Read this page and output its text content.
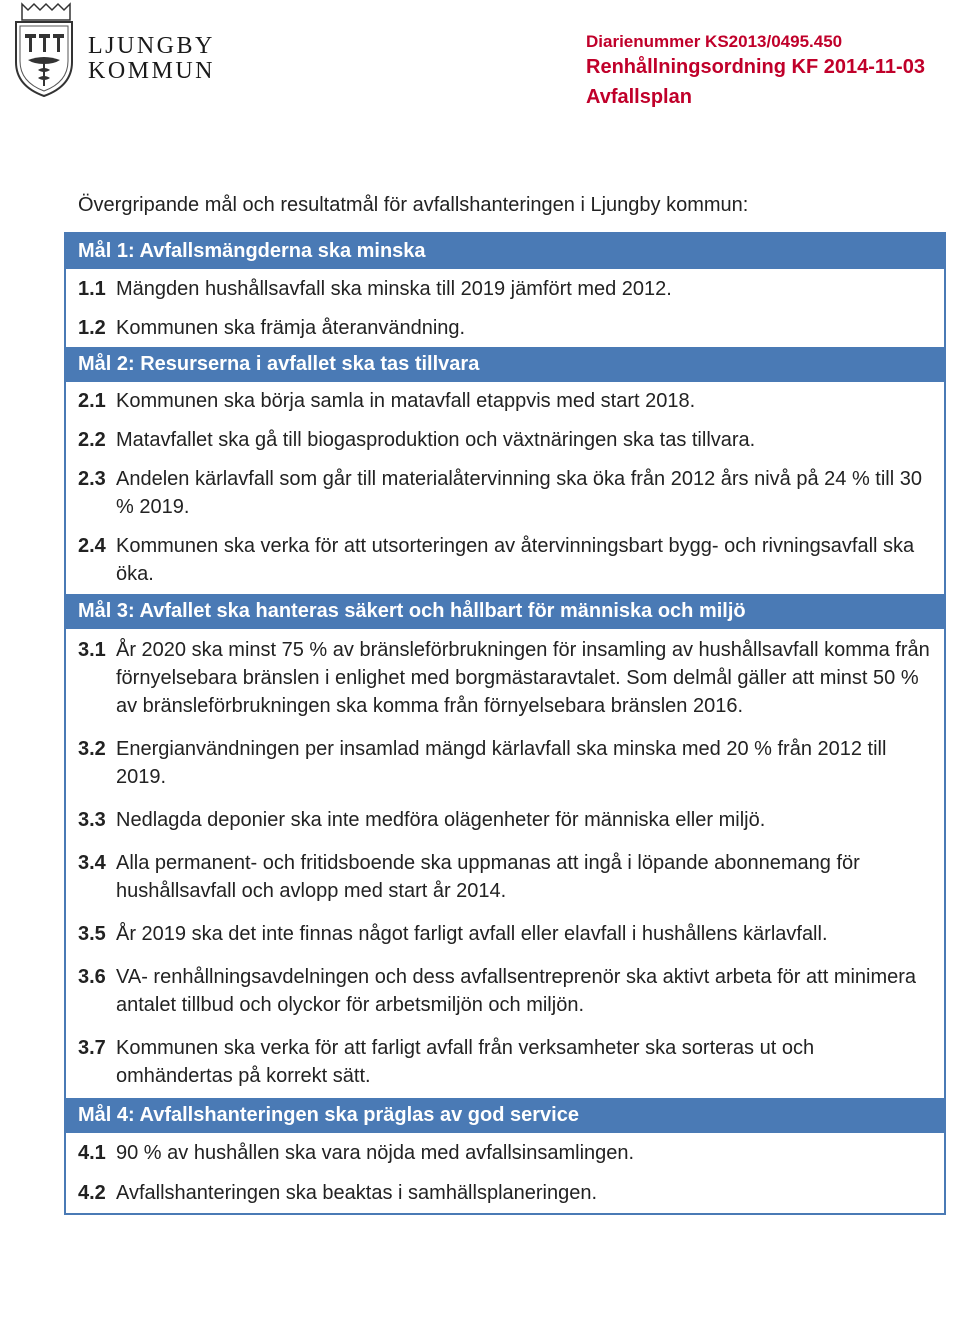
LJUNGBY
KOMMUN
Diarienummer KS2013/0495.450
Renhållningsordning KF 2014-11-03
Avfallsplan
Övergripande mål och resultatmål för avfallshanteringen i Ljungby kommun:
Mål 1: Avfallsmängderna ska minska
1.1 Mängden hushållsavfall ska minska till 2019 jämfört med 2012.
1.2 Kommunen ska främja återanvändning.
Mål 2: Resurserna i avfallet ska tas tillvara
2.1 Kommunen ska börja samla in matavfall etappvis med start 2018.
2.2 Matavfallet ska gå till biogasproduktion och växtnäringen ska tas tillvara.
2.3 Andelen kärlavfall som går till materialåtervinning ska öka från 2012 års nivå på 24 % till 30 % 2019.
2.4 Kommunen ska verka för att utsorteringen av återvinningsbart bygg- och rivningsavfall ska öka.
Mål 3: Avfallet ska hanteras säkert och hållbart för människa och miljö
3.1 År 2020 ska minst 75 % av bränsleförbrukningen för insamling av hushållsavfall komma från förnyelsebara bränslen i enlighet med borgmästaravtalet. Som delmål gäller att minst 50 % av bränsleförbrukningen ska komma från förnyelsebara bränslen 2016.
3.2 Energianvändningen per insamlad mängd kärlavfall ska minska med 20 % från 2012 till 2019.
3.3 Nedlagda deponier ska inte medföra olägenheter för människa eller miljö.
3.4 Alla permanent- och fritidsboende ska uppmanas att ingå i löpande abonnemang för hushållsavfall och avlopp med start år 2014.
3.5 År 2019 ska det inte finnas något farligt avfall eller elavfall i hushållens kärlavfall.
3.6 VA- renhållningsavdelningen och dess avfallsentreprenör ska aktivt arbeta för att minimera antalet tillbud och olyckor för arbetsmiljön och miljön.
3.7 Kommunen ska verka för att farligt avfall från verksamheter ska sorteras ut och omhändertas på korrekt sätt.
Mål 4: Avfallshanteringen ska präglas av god service
4.1 90 % av hushållen ska vara nöjda med avfallsinsamlingen.
4.2 Avfallshanteringen ska beaktas i samhällsplaneringen.
